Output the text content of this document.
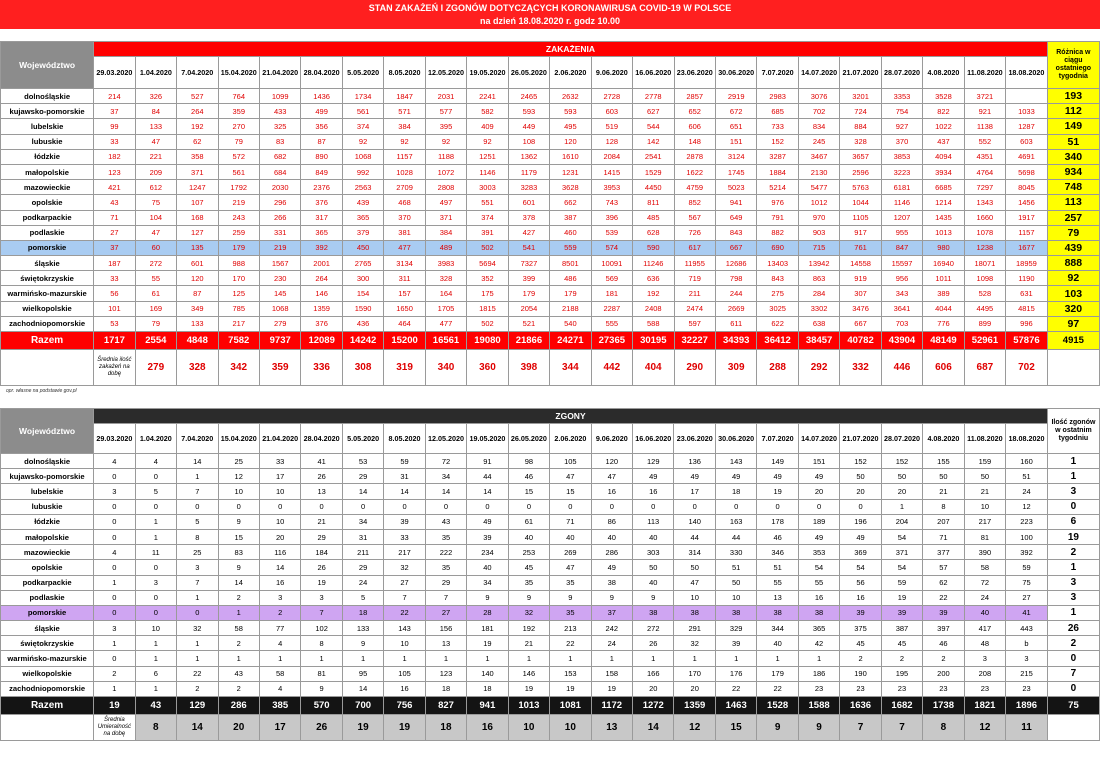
STAN ZAKAŻEŃ I ZGONÓW DOTYCZĄCYCH KORONAWIRUSA COVID-19 W POLSCE
na dzień 18.08.2020 r. godz 10.00
Województwo	ZAKAŻENIA																							Różnica w ciągu ostatniego tygodnia
	29.03.2020	1.04.2020	7.04.2020	15.04.2020	21.04.2020	28.04.2020	5.05.2020	8.05.2020	12.05.2020	19.05.2020	26.05.2020	2.06.2020	9.06.2020	16.06.2020	23.06.2020	30.06.2020	7.07.2020	14.07.2020	21.07.2020	28.07.2020	4.08.2020	11.08.2020	18.08.2020	
dolnośląskie	214	326	527	764	1099	1436	1734	1847	2031	2241	2465	2632	2728	2778	2857	2919	2983	3076	3201	3353	3528	3721		193
kujawsko-pomorskie	37	84	264	359	433	499	561	571	577	582	593	593	603	627	652	672	685	702	724	754	822	921	1033	112
lubelskie	99	133	192	270	325	356	374	384	395	409	449	495	519	544	606	651	733	834	884	927	1022	1138	1287	149
lubuskie	33	47	62	79	83	87	92	92	92	92	108	120	128	142	148	151	152	245	328	370	437	552	603	51
łódzkie	182	221	358	572	682	890	1068	1157	1188	1251	1362	1610	2084	2541	2878	3124	3287	3467	3657	3853	4094	4351	4691	340
małopolskie	123	209	371	561	684	849	992	1028	1072	1146	1179	1231	1415	1529	1622	1745	1884	2130	2596	3223	3934	4764	5698	934
mazowieckie	421	612	1247	1792	2030	2376	2563	2709	2808	3003	3283	3628	3953	4450	4759	5023	5214	5477	5763	6181	6685	7297	8045	748
opolskie	43	75	107	219	296	376	439	468	497	551	601	662	743	811	852	941	976	1012	1044	1146	1214	1343	1456	113
podkarpackie	71	104	168	243	266	317	365	370	371	374	378	387	396	485	567	649	791	970	1105	1207	1435	1660	1917	257
podlaskie	27	47	127	259	331	365	379	381	384	391	427	460	539	628	726	843	882	903	917	955	1013	1078	1157	79
pomorskie	37	60	135	179	219	392	450	477	489	502	541	559	574	590	617	667	690	715	761	847	980	1238	1677	439
śląskie	187	272	601	988	1567	2001	2765	3134	3983	5694	7327	8501	10091	11246	11955	12686	13403	13942	14558	15597	16940	18071	18959	888
świętokrzyskie	33	55	120	170	230	264	300	311	328	352	399	486	569	636	719	798	843	863	919	956	1011	1098	1190	92
warmińsko-mazurskie	56	61	87	125	145	146	154	157	164	175	179	179	181	192	211	244	275	284	307	343	389	528	631	103
wielkopolskie	101	169	349	785	1068	1359	1590	1650	1705	1815	2054	2188	2287	2408	2474	2669	3025	3302	3476	3641	4044	4495	4815	320
zachodniopomorskie	53	79	133	217	279	376	436	464	477	502	521	540	555	588	597	611	622	638	667	703	776	899	996	97
Razem	1717	2554	4848	7582	9737	12089	14242	15200	16561	19080	21866	24271	27365	30195	32227	34393	36412	38457	40782	43904	48149	52961	57876	4915
	Średnia ilość zakażeń na dobę	279	328	342	359	336	308	319	340	360	398	344	442	404	290	309	288	292	332	446	606	687	702	
opr. własne na podstawie gov.pl
Województwo	ZGONY																							Ilość zgonów w ostatnim tygodniu
	29.03.2020	1.04.2020	7.04.2020	15.04.2020	21.04.2020	28.04.2020	5.05.2020	8.05.2020	12.05.2020	19.05.2020	26.05.2020	2.06.2020	9.06.2020	16.06.2020	23.06.2020	30.06.2020	7.07.2020	14.07.2020	21.07.2020	28.07.2020	4.08.2020	11.08.2020	18.08.2020	
dolnośląskie	4	4	14	25	33	41	53	59	72	91	98	105	120	129	136	143	149	151	152	152	155	159	160	1
kujawsko-pomorskie	0	0	1	12	17	26	29	31	34	44	46	47	47	49	49	49	49	49	50	50	50	50	51	1
lubelskie	3	5	7	10	10	13	14	14	14	14	15	15	16	16	17	18	19	20	20	20	21	21	24	3
lubuskie	0	0	0	0	0	0	0	0	0	0	0	0	0	0	0	0	0	0	0	1	8	10	12	0
łódzkie	0	1	5	9	10	21	34	39	43	49	61	71	86	113	140	163	178	189	196	204	207	217	223	6
małopolskie	0	1	8	15	20	29	31	33	35	39	40	40	40	40	44	44	46	49	49	54	71	81	100	19
mazowieckie	4	11	25	83	116	184	211	217	222	234	253	269	286	303	314	330	346	353	369	371	377	390	392	2
opolskie	0	0	3	9	14	26	29	32	35	40	45	47	49	50	50	51	51	54	54	54	57	58	59	1
podkarpackie	1	3	7	14	16	19	24	27	29	34	35	35	38	40	47	50	55	55	56	59	62	72	75	3
podlaskie	0	0	1	2	3	3	5	7	7	9	9	9	9	9	10	10	13	16	16	19	22	24	27	3
pomorskie	0	0	0	1	2	7	18	22	27	28	32	35	37	38	38	38	38	38	39	39	39	40	41	1
śląskie	3	10	32	58	77	102	133	143	156	181	192	213	242	272	291	329	344	365	375	387	397	417	443	26
świętokrzyskie	1	1	1	2	4	8	9	10	13	19	21	22	24	26	32	39	40	42	45	45	46	48	b	2
warmińsko-mazurskie	0	1	1	1	1	1	1	1	1	1	1	1	1	1	1	1	1	1	2	2	2	3	3	0
wielkopolskie	2	6	22	43	58	81	95	105	123	140	146	153	158	166	170	176	179	186	190	195	200	208	215	7
zachodniopomorskie	1	1	2	2	4	9	14	16	18	18	19	19	19	20	20	22	22	23	23	23	23	23	23	0
Razem	19	43	129	286	385	570	700	756	827	941	1013	1081	1172	1272	1359	1463	1528	1588	1636	1682	1738	1821	1896	75
	Średnia Umieralność na dobę	8	14	20	17	26	19	19	18	16	10	10	13	14	12	15	9	9	7	7	8	12	11	
